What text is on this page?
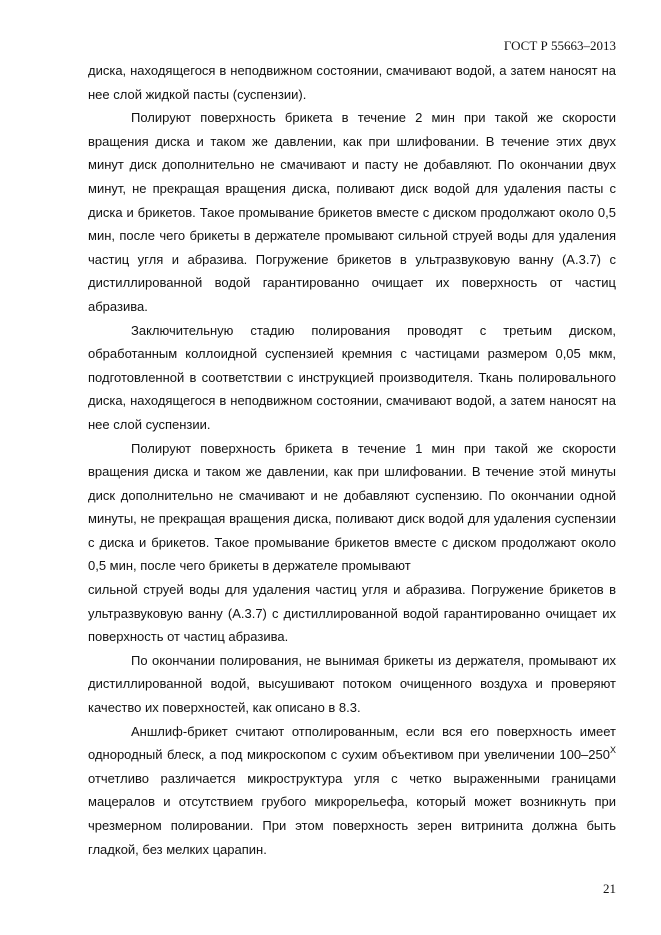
ГОСТ Р 55663–2013

диска, находящегося в неподвижном состоянии, смачивают водой, а затем наносят на нее слой жидкой пасты (суспензии).

Полируют поверхность брикета в течение 2 мин при такой же скорости вращения диска и таком же давлении, как при шлифовании. В течение этих двух минут диск дополнительно не смачивают и пасту не добавляют. По окончании двух минут, не прекращая вращения диска, поливают диск водой для удаления пасты с диска и брикетов. Такое промывание брикетов вместе с диском продолжают около 0,5 мин, после чего брикеты в держателе промывают сильной струей воды для удаления частиц угля и абразива. Погружение брикетов в ультразвуковую ванну (А.3.7) с дистиллированной водой гарантированно очищает их поверхность от частиц абразива.

Заключительную стадию полирования проводят с третьим диском, обработанным коллоидной суспензией кремния с частицами размером 0,05 мкм, подготовленной в соответствии с инструкцией производителя. Ткань полировального диска, находящегося в неподвижном состоянии, смачивают водой, а затем наносят на нее слой суспензии.

Полируют поверхность брикета в течение 1 мин при такой же скорости вращения диска и таком же давлении, как при шлифовании. В течение этой минуты диск дополнительно не смачивают и не добавляют суспензию. По окончании одной минуты, не прекращая вращения диска, поливают диск водой для удаления суспензии с диска и брикетов. Такое промывание брикетов вместе с диском продолжают около 0,5 мин, после чего брикеты в держателе промывают

сильной струей воды для удаления частиц угля и абразива. Погружение брикетов в ультразвуковую ванну (А.3.7) с дистиллированной водой гарантированно очищает их поверхность от частиц абразива.

По окончании полирования, не вынимая брикеты из держателя, промывают их дистиллированной водой, высушивают потоком очищенного воздуха и проверяют качество их поверхностей, как описано в 8.3.

Аншлиф-брикет считают отполированным, если вся его поверхность имеет однородный блеск, а под микроскопом с сухим объективом при увеличении $100-250^Х$ отчетливо различается микроструктура угля с четко выраженными границами мацералов и отсутствием грубого микрорельефа, который может возникнуть при чрезмерном полировании. При этом поверхность зерен витринита должна быть гладкой, без мелких царапин.

21
